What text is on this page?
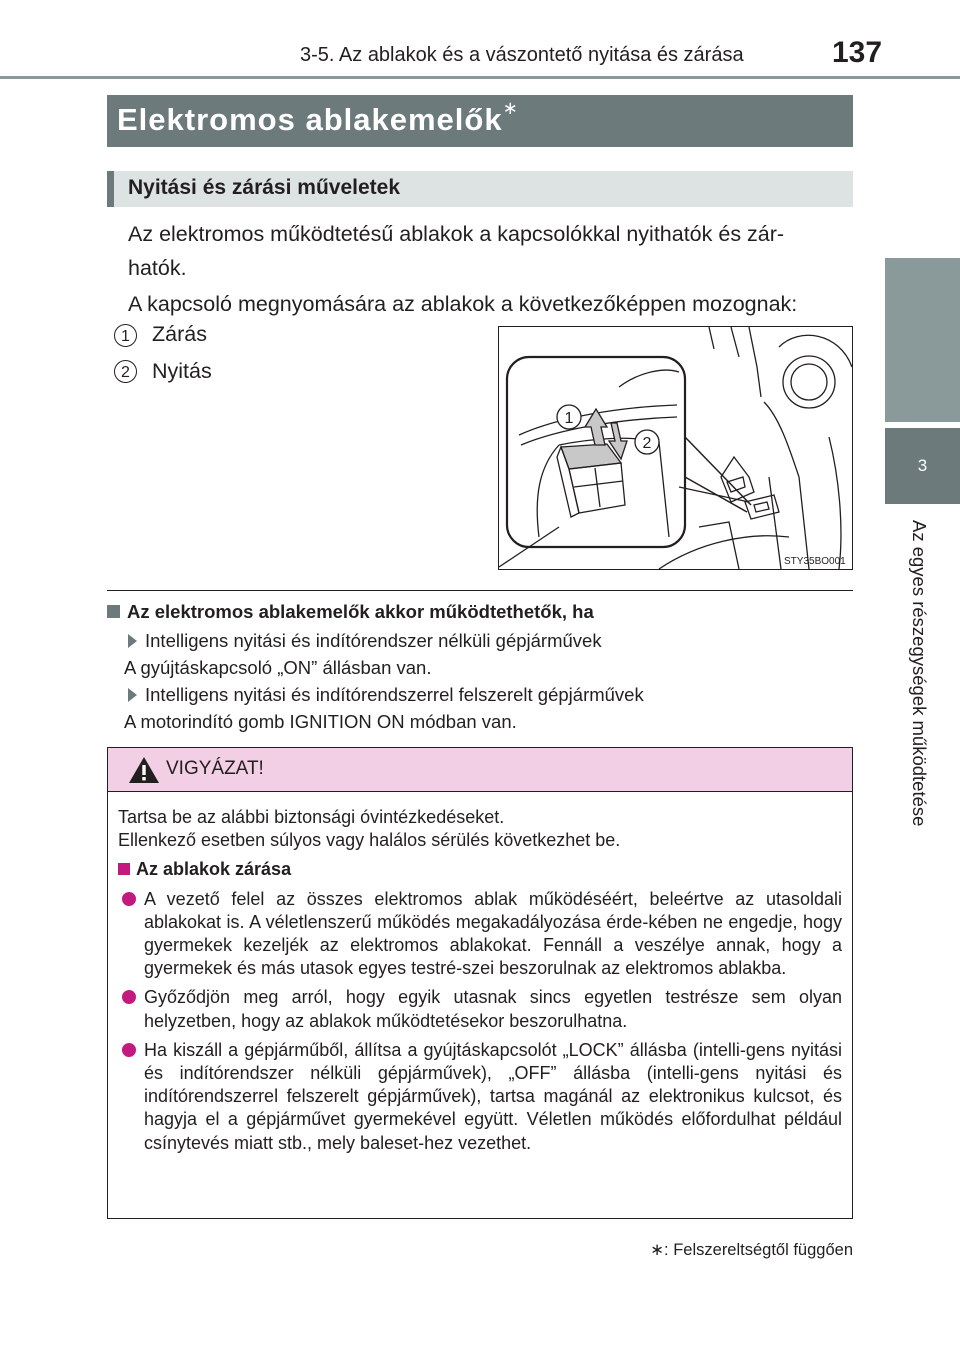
3-5. Az ablakok és a vászontető nyitása és zárása	137
3
Az egyes részegységek működtetése
Elektromos ablakemelők∗
Nyitási és zárási műveletek
Az elektromos működtetésű ablakok a kapcsolókkal nyithatók és zár-
hatók.
A kapcsoló megnyomására az ablakok a következőképpen mozognak:
1	Zárás
2	Nyitás
1
2
STY35BO001
Az elektromos ablakemelők akkor működtethetők, ha
Intelligens nyitási és indítórendszer nélküli gépjárművek
A gyújtáskapcsoló „ON” állásban van.
Intelligens nyitási és indítórendszerrel felszerelt gépjárművek
A motorindító gomb IGNITION ON módban van.
VIGYÁZAT!

Tartsa be az alábbi biztonsági óvintézkedéseket.

Ellenkező esetben súlyos vagy halálos sérülés következhet be.

Az ablakok zárása

A vezető felel az összes elektromos ablak működéséért, beleértve az utasoldali ablakokat is. A véletlenszerű működés megakadályozása érde-kében ne engedje, hogy gyermekek kezeljék az elektromos ablakokat. Fennáll a veszélye annak, hogy a gyermekek és más utasok egyes testré-szei beszorulnak az elektromos ablakba.
Győződjön meg arról, hogy egyik utasnak sincs egyetlen testrésze sem olyan helyzetben, hogy az ablakok működtetésekor beszorulhatna.
Ha kiszáll a gépjárműből, állítsa a gyújtáskapcsolót „LOCK” állásba (intelli-gens nyitási és indítórendszer nélküli gépjárművek), „OFF” állásba (intelli-gens nyitási és indítórendszerrel felszerelt gépjárművek), tartsa magánál az elektronikus kulcsot, és hagyja el a gépjárművet gyermekével együtt. Véletlen működés előfordulhat például csínytevés miatt stb., mely baleset-hez vezethet.
∗: Felszereltségtől függően
